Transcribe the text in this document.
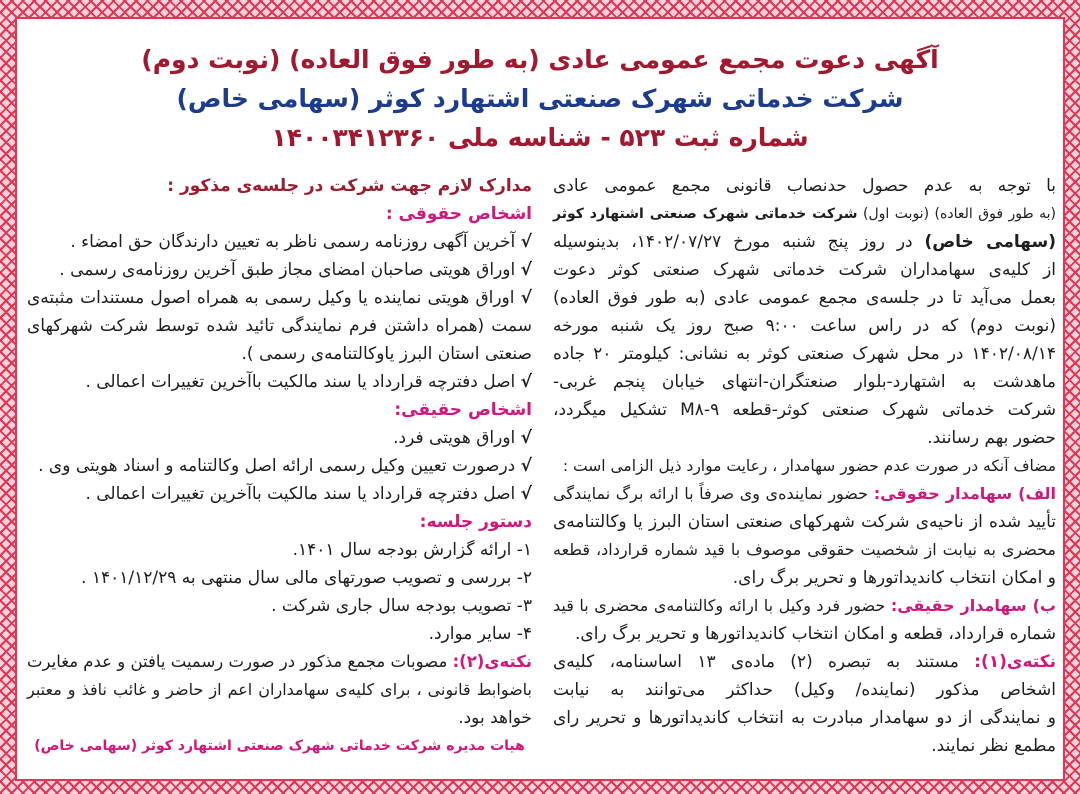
آگهی دعوت مجمع عمومی عادی (به طور فوق العاده) (نوبت دوم)
شرکت خدماتی شهرک صنعتی اشتهارد کوثر (سهامی خاص)
شماره ثبت ۵۲۳ - شناسه ملی ۱۴۰۰۳۴۱۲۳۶۰
با توجه به عدم حصول حدنصاب قانونی مجمع عمومی عادی
(به طور فوق العاده) (نوبت اول) شرکت خدماتی شهرک صنعتی اشتهارد کوثر
(سهامی خاص) در روز پنج شنبه مورخ ۱۴۰۲/۰۷/۲۷، بدینوسیله
از کلیه‌ی سهامداران شرکت خدماتی شهرک صنعتی کوثر دعوت
بعمل می‌آید تا در جلسه‌ی مجمع عمومی عادی (به طور فوق العاده)
(نوبت دوم) که در راس ساعت ۹:۰۰ صبح روز یک شنبه مورخه
۱۴۰۲/۰۸/۱۴ در محل شهرک صنعتی کوثر به نشانی: کیلومتر ۲۰ جاده
ماهدشت به اشتهارد-بلوار صنعتگران-انتهای خیابان پنجم غربی-
شرکت خدماتی شهرک صنعتی کوثر-قطعه ۹-M۸ تشکیل میگردد،
حضور بهم رسانند.
مضاف آنکه در صورت عدم حضور سهامدار ، رعایت موارد ذیل الزامی است :
الف) سهامدار حقوقی: حضور نماینده‌ی وی صرفاً با ارائه برگ نمایندگی
تأیید شده از ناحیه‌ی شرکت شهرکهای صنعتی استان البرز یا وکالتنامه‌ی
محضری به نیابت از شخصیت حقوقی موصوف با قید شماره قرارداد، قطعه
و امکان انتخاب کاندیداتورها و تحریر برگ رای.
ب) سهامدار حقیقی: حضور فرد وکیل با ارائه وکالتنامه‌ی محضری با قید
شماره قرارداد، قطعه و امکان انتخاب کاندیداتورها و تحریر برگ رای.
نکته‌ی(۱): مستند به تبصره (۲) ماده‌ی ۱۳ اساسنامه، کلیه‌ی
اشخاص مذکور (نماینده/ وکیل) حداکثر می‌توانند به نیابت
و نمایندگی از دو سهامدار مبادرت به انتخاب کاندیداتورها و تحریر رای
مطمع نظر نمایند.
مدارک لازم جهت شرکت در جلسه‌ی مذکور :
اشخاص حقوقی :
√ آخرین آگهی روزنامه رسمی ناظر به تعیین دارندگان حق امضاء .
√ اوراق هویتی صاحبان امضای مجاز طبق آخرین روزنامه‌ی رسمی .
√ اوراق هویتی نماینده یا وکیل رسمی به همراه اصول مستندات مثبته‌ی
سمت (همراه داشتن فرم نمایندگی تائید شده توسط شرکت شهرکهای
صنعتی استان البرز یاوکالتنامه‌ی رسمی ).
√ اصل دفترچه قرارداد یا سند مالکیت باآخرین تغییرات اعمالی .
اشخاص حقیقی:
√ اوراق هویتی فرد.
√ درصورت تعیین وکیل رسمی ارائه اصل وکالتنامه و اسناد هویتی وی .
√ اصل دفترچه قرارداد یا سند مالکیت باآخرین تغییرات اعمالی .
دستور جلسه:
۱- ارائه گزارش بودجه سال ۱۴۰۱.
۲- بررسی و تصویب صورتهای مالی سال منتهی به ۱۴۰۱/۱۲/۲۹ .
۳- تصویب بودجه سال جاری شرکت .
۴- سایر موارد.
نکته‌ی(۲): مصوبات مجمع مذکور در صورت رسمیت یافتن و عدم مغایرت
باضوابط قانونی ، برای کلیه‌ی سهامداران اعم از حاضر و غائب نافذ و معتبر
خواهد بود.
هیات مدیره شرکت خدماتی شهرک صنعتی اشتهارد کوثر (سهامی خاص)
